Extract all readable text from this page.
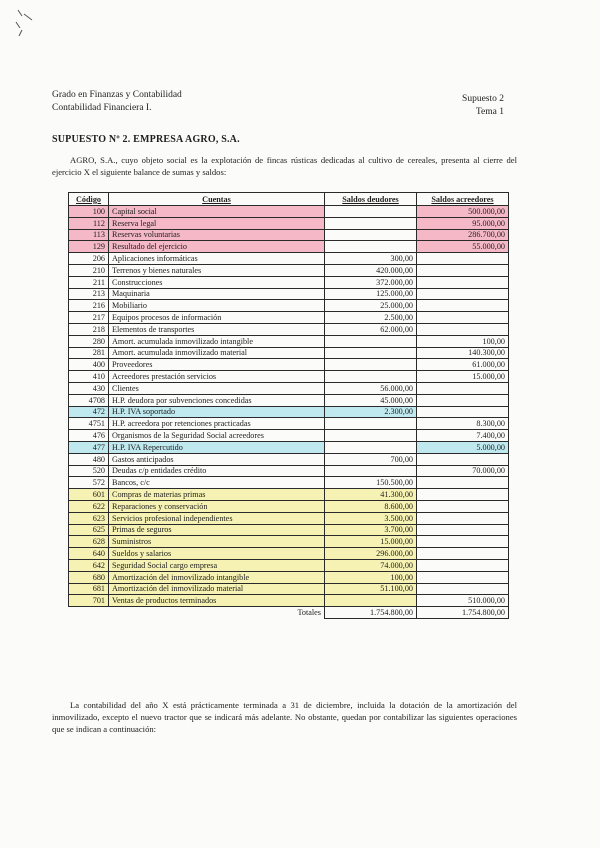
Grado en Finanzas y Contabilidad
Contabilidad Financiera I.
Supuesto 2
Tema 1
SUPUESTO Nº 2. EMPRESA AGRO, S.A.
AGRO, S.A., cuyo objeto social es la explotación de fincas rústicas dedicadas al cultivo de cereales, presenta al cierre del ejercicio X el siguiente balance de sumas y saldos:
Código	Cuentas	Saldos deudores	Saldos acreedores
100	Capital social		500.000,00
112	Reserva legal		95.000,00
113	Reservas voluntarias		286.700,00
129	Resultado del ejercicio		55.000,00
206	Aplicaciones informáticas	300,00	
210	Terrenos y bienes naturales	420.000,00	
211	Construcciones	372.000,00	
213	Maquinaria	125.000,00	
216	Mobiliario	25.000,00	
217	Equipos procesos de información	2.500,00	
218	Elementos de transportes	62.000,00	
280	Amort. acumulada inmovilizado intangible		100,00
281	Amort. acumulada inmovilizado material		140.300,00
400	Proveedores		61.000,00
410	Acreedores prestación servicios		15.000,00
430	Clientes	56.000,00	
4708	H.P. deudora por subvenciones concedidas	45.000,00	
472	H.P. IVA soportado	2.300,00	
4751	H.P. acreedora por retenciones practicadas		8.300,00
476	Organismos de la Seguridad Social acreedores		7.400,00
477	H.P. IVA Repercutido		5.000,00
480	Gastos anticipados	700,00	
520	Deudas c/p entidades crédito		70.000,00
572	Bancos, c/c	150.500,00	
601	Compras de materias primas	41.300,00	
622	Reparaciones y conservación	8.600,00	
623	Servicios profesional independientes	3.500,00	
625	Primas de seguros	3.700,00	
628	Suministros	15.000,00	
640	Sueldos y salarios	296.000,00	
642	Seguridad Social cargo empresa	74.000,00	
680	Amortización del inmovilizado intangible	100,00	
681	Amortización del inmovilizado material	51.100,00	
701	Ventas de productos terminados		510.000,00
Totales		1.754.800,00	1.754.800,00
La contabilidad del año X está prácticamente terminada a 31 de diciembre, incluida la dotación de la amortización del inmovilizado, excepto el nuevo tractor que se indicará más adelante. No obstante, quedan por contabilizar las siguientes operaciones que se indican a continuación:
